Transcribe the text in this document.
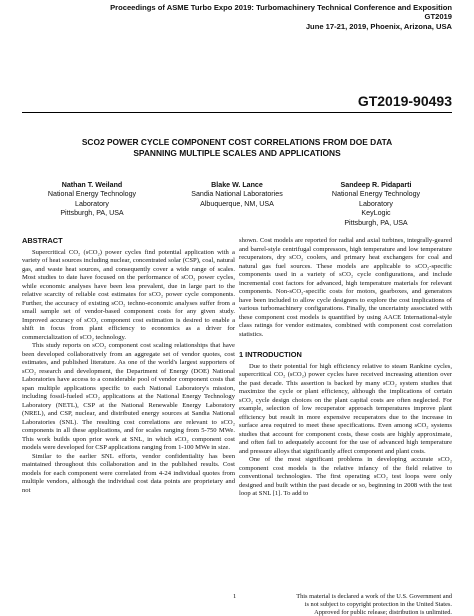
Proceedings of ASME Turbo Expo 2019: Turbomachinery Technical Conference and Exposition
GT2019
June 17-21, 2019, Phoenix, Arizona, USA
GT2019-90493
SCO2 POWER CYCLE COMPONENT COST CORRELATIONS FROM DOE DATA
SPANNING MULTIPLE SCALES AND APPLICATIONS
Nathan T. Weiland
National Energy Technology
Laboratory
Pittsburgh, PA, USA
Blake W. Lance
Sandia National Laboratories
Albuquerque, NM, USA
Sandeep R. Pidaparti
National Energy Technology
Laboratory
KeyLogic
Pittsburgh, PA, USA
ABSTRACT

Supercritical CO₂ (sCO₂) power cycles find potential application with a variety of heat sources including nuclear, concentrated solar (CSP), coal, natural gas, and waste heat sources, and consequently cover a wide range of scales. Most studies to date have focused on the performance of sCO₂ power cycles, while economic analyses have been less prevalent, due in large part to the relative scarcity of reliable cost estimates for sCO₂ power cycle components. Further, the accuracy of existing sCO₂ techno-economic analyses suffer from a small sample set of vendor-based component costs for any given study. Improved accuracy of sCO₂ component cost estimation is desired to enable a shift in focus from plant efficiency to economics as a driver for commercialization of sCO₂ technology.

This study reports on sCO₂ component cost scaling relationships that have been developed collaboratively from an aggregate set of vendor quotes, cost estimates, and published literature. As one of the world's largest supporters of sCO₂ research and development, the Department of Energy (DOE) National Laboratories have access to a considerable pool of vendor component costs that span multiple applications specific to each National Laboratory's mission, including fossil-fueled sCO₂ applications at the National Energy Technology Laboratory (NETL), CSP at the National Renewable Energy Laboratory (NREL), and CSP, nuclear, and distributed energy sources at Sandia National Laboratories (SNL). The resulting cost correlations are relevant to sCO₂ components in all these applications, and for scales ranging from 5-750 MWe. This work builds upon prior work at SNL, in which sCO₂ component cost models were developed for CSP applications ranging from 1-100 MWe in size.

Similar to the earlier SNL efforts, vendor confidentiality has been maintained throughout this collaboration and in the published results. Cost models for each component were correlated from 4-24 individual quotes from multiple vendors, although the individual cost data points are proprietary and not

shown. Cost models are reported for radial and axial turbines, integrally-geared and barrel-style centrifugal compressors, high temperature and low temperature recuperators, dry sCO₂ coolers, and primary heat exchangers for coal and natural gas fuel sources. These models are applicable to sCO₂-specific components used in a variety of sCO₂ cycle configurations, and include incremental cost factors for advanced, high temperature materials for relevant components. Non-sCO₂-specific costs for motors, gearboxes, and generators have been included to allow cycle designers to explore the cost implications of various turbomachinery configurations. Finally, the uncertainty associated with these component cost models is quantified by using AACE International-style class ratings for vendor estimates, combined with component cost correlation statistics.

1 INTRODUCTION

Due to their potential for high efficiency relative to steam Rankine cycles, supercritical CO₂ (sCO₂) power cycles have received increasing attention over the past decade. This assertion is backed by many sCO₂ system studies that maximize the cycle or plant efficiency, although the implications of certain sCO₂ cycle design choices on the plant capital costs are often neglected. For example, selection of low recuperator approach temperatures improve plant efficiency but result in more expensive recuperators due to the increase in surface area required to meet these specifications. Even among sCO₂ systems studies that account for component costs, these costs are highly approximate, and often fail to adequately account for the use of advanced high temperature and pressure alloys that significantly affect component and plant costs.

One of the most significant problems in developing accurate sCO₂ component cost models is the relative infancy of the field relative to conventional technologies. The first operating sCO₂ test loops were only designed and built within the past decade or so, beginning in 2008 with the test loop at SNL [1]. To add to

1	This material is declared a work of the U.S. Government and
is not subject to copyright protection in the United States.
Approved for public release; distribution is unlimited.
